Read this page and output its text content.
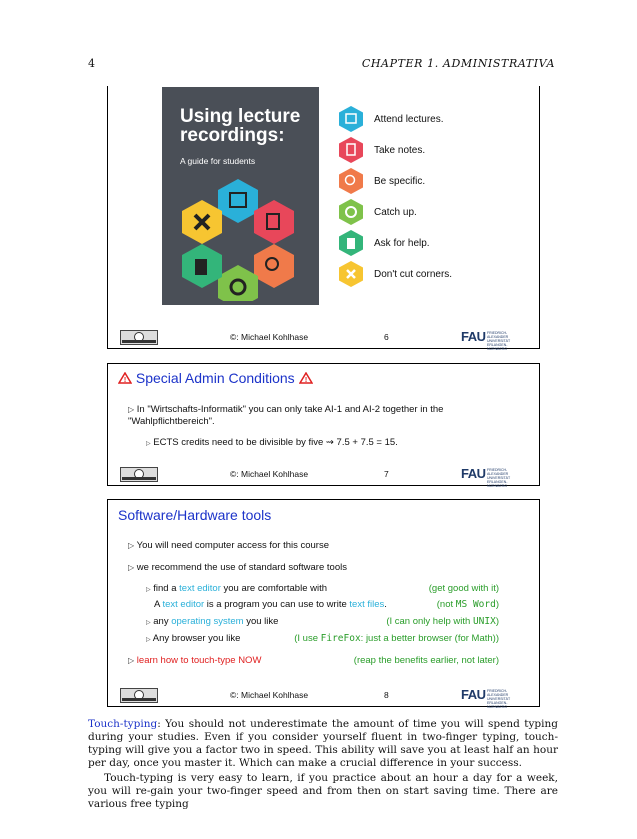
4	CHAPTER 1. ADMINISTRATIVA
Using lecture recordings:
A guide for students
Attend lectures.
Take notes.
Be specific.
Catch up.
Ask for help.
Don't cut corners.
©: Michael Kohlhase	6	FAU FRIEDRICH-ALEXANDER
UNIVERSITÄT
ERLANGEN-NÜRNBERG
! Special Admin Conditions !
▷ In "Wirtschafts-Informatik" you can only take AI-1 and AI-2 together in the "Wahlpflichtbereich".
▷ ECTS credits need to be divisible by five ⇝ 7.5 + 7.5 = 15.
©: Michael Kohlhase	7	FAU FRIEDRICH-ALEXANDER
UNIVERSITÄT
ERLANGEN-NÜRNBERG
Software/Hardware tools
▷ You will need computer access for this course
▷ we recommend the use of standard software tools
▷ find a text editor you are comfortable with	(get good with it)
A text editor is a program you can use to write text files.	(not MS Word)
▷ any operating system you like	(I can only help with UNIX)
▷ Any browser you like	(I use FireFox: just a better browser (for Math))
▷ learn how to touch-type NOW	(reap the benefits earlier, not later)
©: Michael Kohlhase	8	FAU FRIEDRICH-ALEXANDER
UNIVERSITÄT
ERLANGEN-NÜRNBERG
Touch-typing: You should not underestimate the amount of time you will spend typing during your studies. Even if you consider yourself fluent in two-finger typing, touch-typing will give you a factor two in speed. This ability will save you at least half an hour per day, once you master it. Which can make a crucial difference in your success.
Touch-typing is very easy to learn, if you practice about an hour a day for a week, you will re-gain your two-finger speed and from then on start saving time. There are various free typing
